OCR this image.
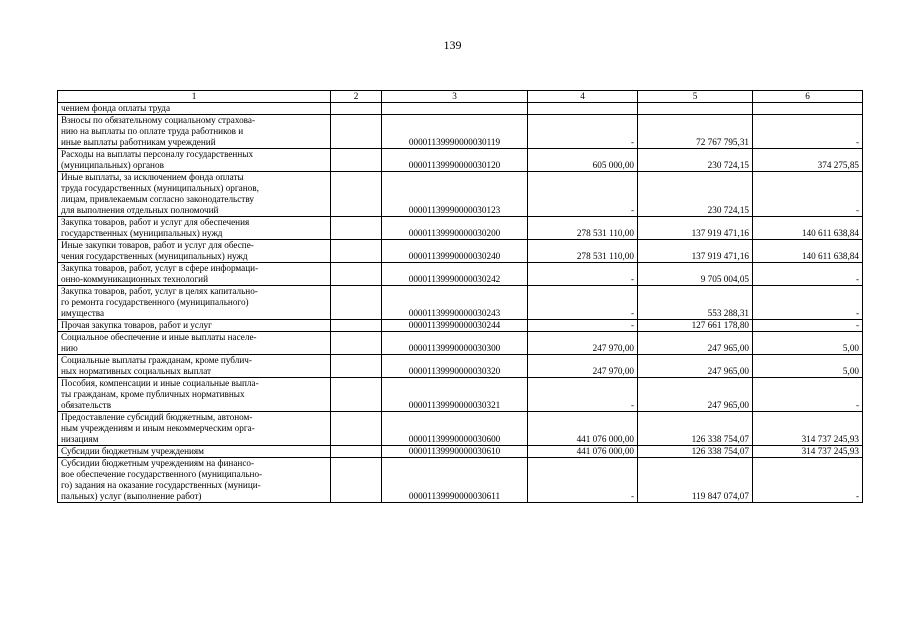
139
1	2	3	4	5	6

чением фонда оплаты труда					

Взносы по обязательному социальному страхова-
нию на выплаты по оплате труда работников и
иные выплаты работникам учреждений		000011399900000З0119	-	72 767 795,31	-

Расходы на выплаты персоналу государственных
(муниципальных) органов		00001139990000030120	605 000,00	230 724,15	374 275,85

Иные выплаты, за исключением фонда оплаты
труда государственных (муниципальных) органов,
лицам, привлекаемым согласно законодательству
для выполнения отдельных полномочий		00001139990000030123	-	230 724,15	-

Закупка товаров, работ и услуг для обеспечения
государственных (муниципальных) нужд		00001139990000030200	278 531 110,00	137 919 471,16	140 611 638,84

Иные закупки товаров, работ и услуг для обеспе-
чения государственных (муниципальных) нужд		00001139990000030240	278 531 110,00	137 919 471,16	140 611 638,84

Закупка товаров, работ, услуг в сфере информаци-
онно-коммуникационных технологий		00001139990000030242	-	9 705 004,05	-

Закупка товаров, работ, услуг в целях капитально-
го ремонта государственного (муниципального)
имущества		00001139990000030243	-	553 288,31	-

Прочая закупка товаров, работ и услуг		00001139990000030244	-	127 661 178,80	-

Социальное обеспечение и иные выплаты населе-
нию		00001139990000030300	247 970,00	247 965,00	5,00

Социальные выплаты гражданам, кроме публич-
ных нормативных социальных выплат		00001139990000030320	247 970,00	247 965,00	5,00

Пособия, компенсации и иные социальные выпла-
ты гражданам, кроме публичных нормативных
обязательств		00001139990000030321	-	247 965,00	-

Предоставление субсидий бюджетным, автоном-
ным учреждениям и иным некоммерческим орга-
низациям		00001139990000030600	441 076 000,00	126 338 754,07	314 737 245,93

Субсидии бюджетным учреждениям		00001139990000030610	441 076 000,00	126 338 754,07	314 737 245,93

Субсидии бюджетным учреждениям на финансо-
вое обеспечение государственного (муниципально-
го) задания на оказание государственных (муници-
пальных) услуг (выполнение работ)		00001139990000030611	-	119 847 074,07	-
